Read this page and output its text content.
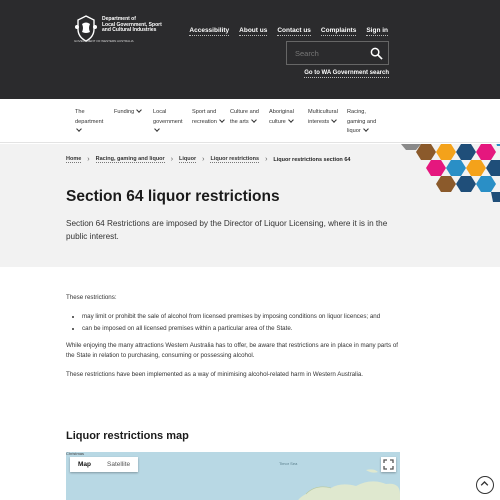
Department of
Local Government, Sport
and Cultural Industries
GOVERNMENT OF WESTERN AUSTRALIA
Accessibility About us Contact us Complaints Sign in
Search
Go to WA Government search
The
department
Funding	Local
government
Sport and
recreation
Culture and
the arts
Aboriginal
culture
Multicultural
interests
Racing,
gaming and
liquor
Home › Racing, gaming and liquor › Liquor › Liquor restrictions › Liquor restrictions section 64
Section 64 liquor restrictions

Section 64 Restrictions are imposed by the Director of Liquor Licensing, where it is in the public interest.

These restrictions:

• may limit or prohibit the sale of alcohol from licensed premises by imposing conditions on liquor licences; and
• can be imposed on all licensed premises within a particular area of the State.

While enjoying the many attractions Western Australia has to offer, be aware that restrictions are in place in many parts of the State in relation to purchasing, consuming or possessing alcohol.

These restrictions have been implemented as a way of minimising alcohol-related harm in Western Australia.

Liquor restrictions map
Christmas
Timor Sea
Map	Satellite
